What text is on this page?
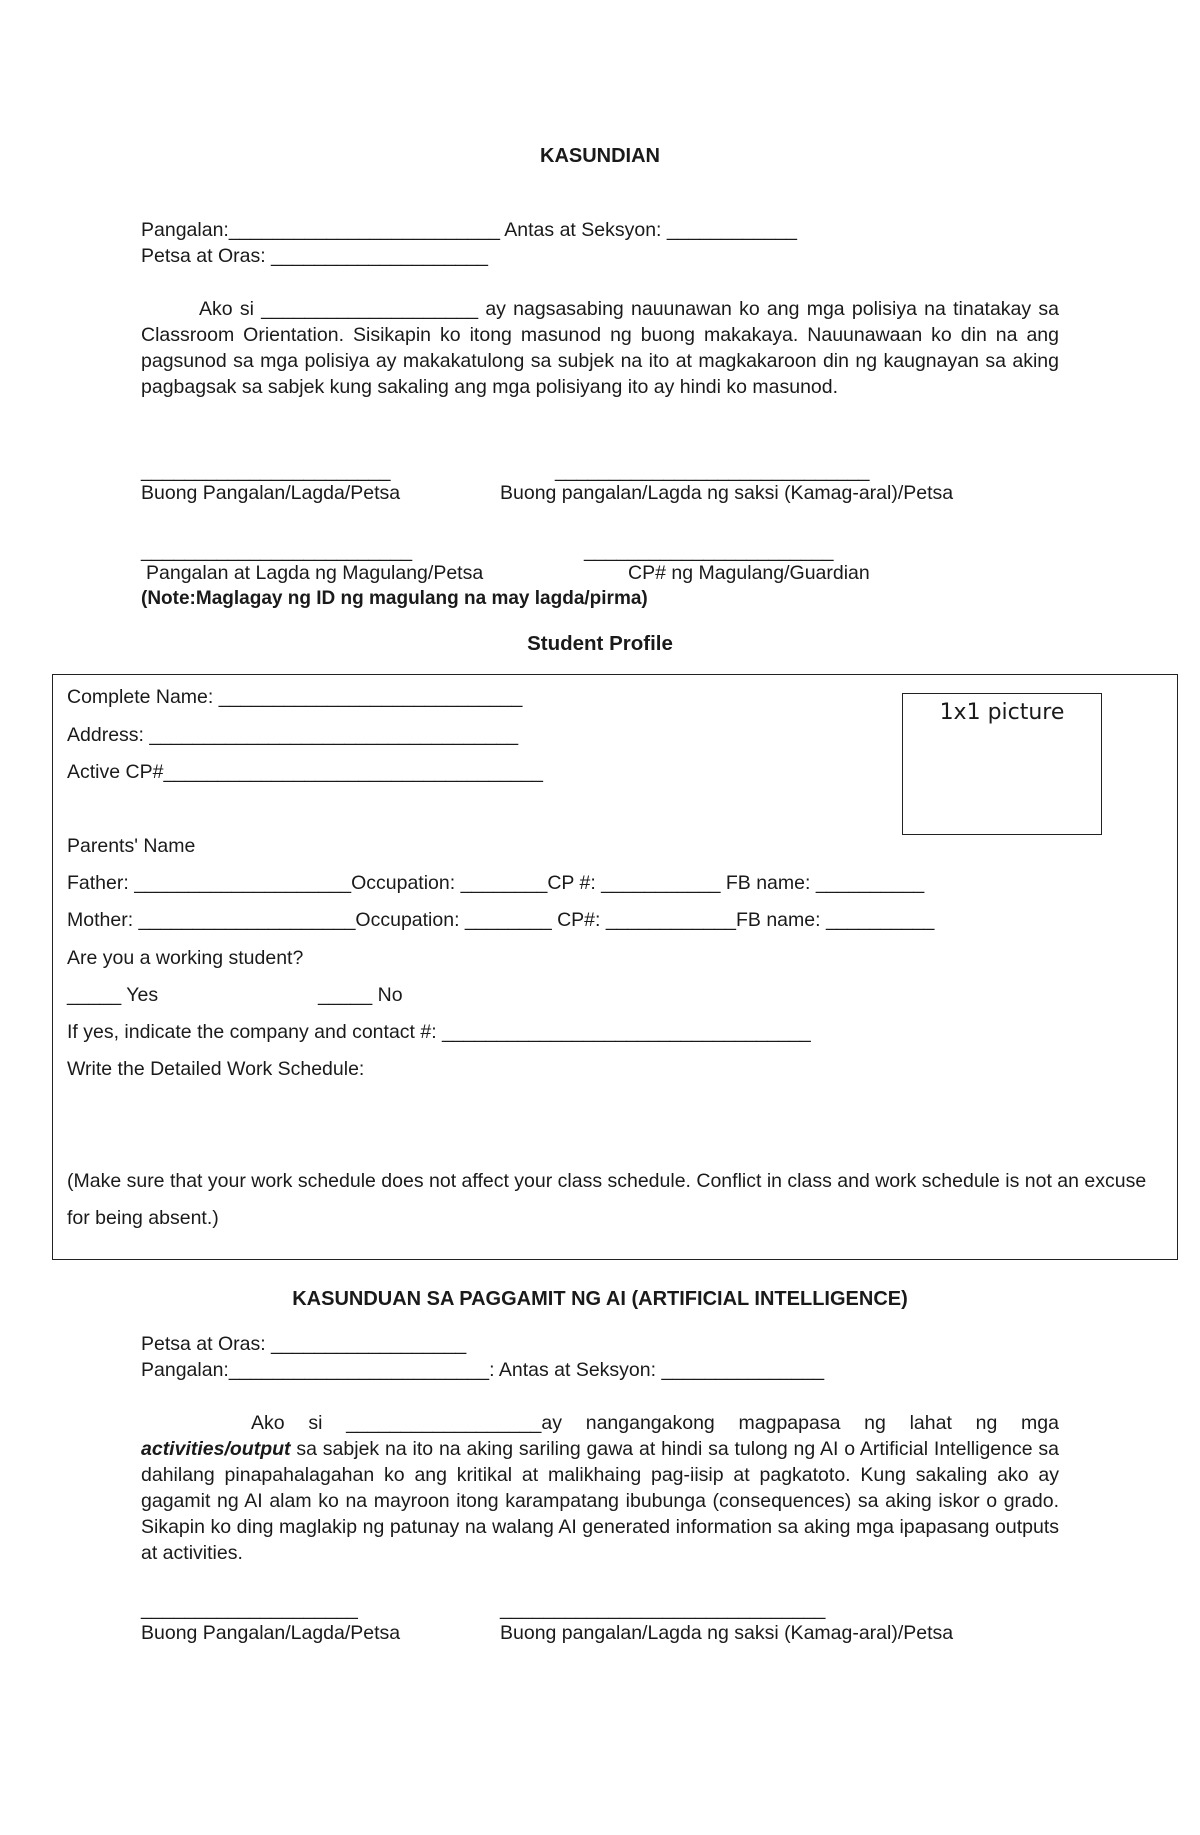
KASUNDIAN
Pangalan:_________________________ Antas at Seksyon: ____________
Petsa at Oras: ____________________
Ako si ____________________ ay nagsasabing nauunawan ko ang mga polisiya na tinatakay sa Classroom Orientation. Sisikapin ko itong masunod ng buong makakaya. Nauunawaan ko din na ang pagsunod sa mga polisiya ay makakatulong sa subjek na ito at magkakaroon din ng kaugnayan sa aking pagbagsak sa sabjek kung sakaling ang mga polisiyang ito ay hindi ko masunod.
_______________________	_____________________________
Buong Pangalan/Lagda/Petsa	Buong pangalan/Lagda ng saksi (Kamag-aral)/Petsa
_________________________	_______________________
Pangalan at Lagda ng Magulang/Petsa	CP# ng Magulang/Guardian
(Note:Maglagay ng ID ng magulang na may lagda/pirma)
Student Profile
1x1 picture
Complete Name: ____________________________
Address: __________________________________
Active CP#___________________________________
Parents' Name
Father: ____________________Occupation: ________CP #: ___________ FB name: __________
Mother: ____________________Occupation: ________ CP#: ____________FB name: __________
Are you a working student?
_____ Yes	_____ No
If yes, indicate the company and contact #: __________________________________
Write the Detailed Work Schedule:
(Make sure that your work schedule does not affect your class schedule. Conflict in class and work schedule is not an excuse for being absent.)
KASUNDUAN SA PAGGAMIT NG AI (ARTIFICIAL INTELLIGENCE)
Petsa at Oras: __________________
Pangalan:________________________: Antas at Seksyon: _______________
Ako si __________________ay nangangakong magpapasa ng lahat ng mga activities/output sa sabjek na ito na aking sariling gawa at hindi sa tulong ng AI o Artificial Intelligence sa dahilang pinapahalagahan ko ang kritikal at malikhaing pag-iisip at pagkatoto. Kung sakaling ako ay gagamit ng AI alam ko na mayroon itong karampatang ibubunga (consequences) sa aking iskor o grado. Sikapin ko ding maglakip ng patunay na walang AI generated information sa aking mga ipapasang outputs at activities.
____________________	______________________________
Buong Pangalan/Lagda/Petsa	Buong pangalan/Lagda ng saksi (Kamag-aral)/Petsa
